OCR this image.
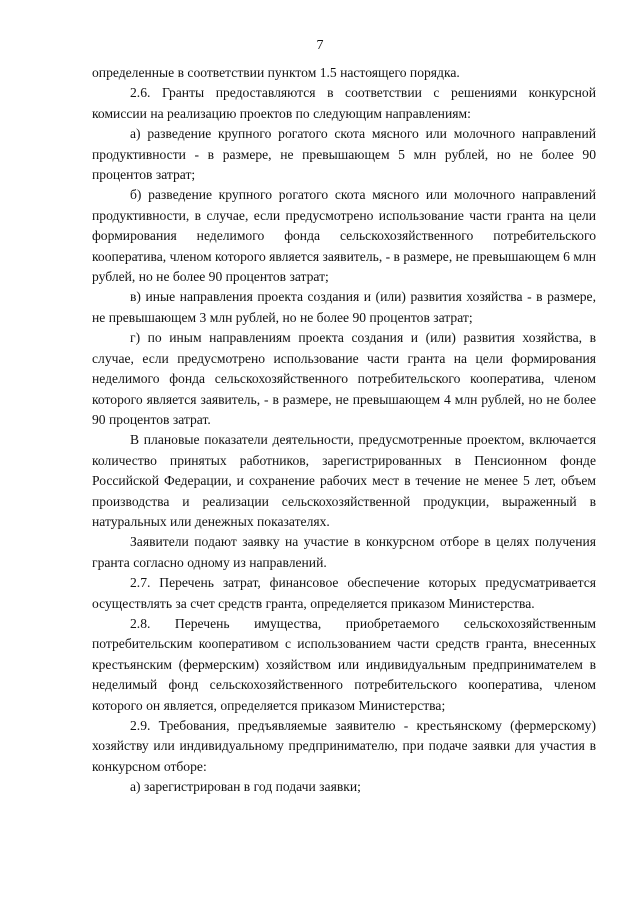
7

определенные в соответствии пунктом 1.5 настоящего порядка.

2.6. Гранты предоставляются в соответствии с решениями конкурсной комиссии на реализацию проектов по следующим направлениям:

а) разведение крупного рогатого скота мясного или молочного направлений продуктивности - в размере, не превышающем 5 млн рублей, но не более 90 процентов затрат;

б) разведение крупного рогатого скота мясного или молочного направлений продуктивности, в случае, если предусмотрено использование части гранта на цели формирования неделимого фонда сельскохозяйственного потребительского кооператива, членом которого является заявитель, - в размере, не превышающем 6 млн рублей, но не более 90 процентов затрат;

в) иные направления проекта создания и (или) развития хозяйства - в размере, не превышающем 3 млн рублей, но не более 90 процентов затрат;

г) по иным направлениям проекта создания и (или) развития хозяйства, в случае, если предусмотрено использование части гранта на цели формирования неделимого фонда сельскохозяйственного потребительского кооператива, членом которого является заявитель, - в размере, не превышающем 4 млн рублей, но не более 90 процентов затрат.

В плановые показатели деятельности, предусмотренные проектом, включается количество принятых работников, зарегистрированных в Пенсионном фонде Российской Федерации, и сохранение рабочих мест в течение не менее 5 лет, объем производства и реализации сельскохозяйственной продукции, выраженный в натуральных или денежных показателях.

Заявители подают заявку на участие в конкурсном отборе в целях получения гранта согласно одному из направлений.

2.7. Перечень затрат, финансовое обеспечение которых предусматривается осуществлять за счет средств гранта, определяется приказом Министерства.

2.8. Перечень имущества, приобретаемого сельскохозяйственным потребительским кооперативом с использованием части средств гранта, внесенных крестьянским (фермерским) хозяйством или индивидуальным предпринимателем в неделимый фонд сельскохозяйственного потребительского кооператива, членом которого он является, определяется приказом Министерства;

2.9. Требования, предъявляемые заявителю - крестьянскому (фермерскому) хозяйству или индивидуальному предпринимателю, при подаче заявки для участия в конкурсном отборе:

а) зарегистрирован в год подачи заявки;
